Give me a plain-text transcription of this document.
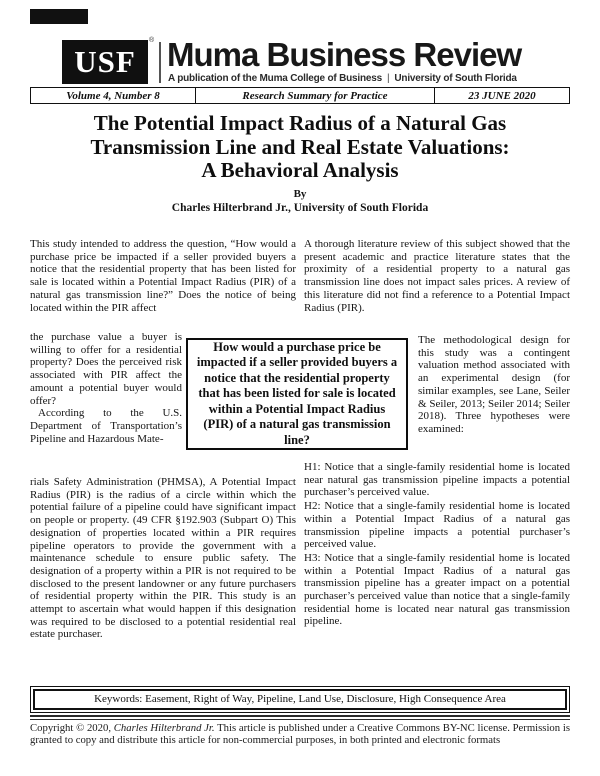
USF
® Muma Business Review
A publication of the Muma College of Business | University of South Florida
Volume 4, Number 8	Research Summary for Practice	23 JUNE 2020
The Potential Impact Radius of a Natural Gas
Transmission Line and Real Estate Valuations:
A Behavioral Analysis
By
Charles Hilterbrand Jr., University of South Florida

This study intended to address the question, “How would a purchase price be impacted if a seller provided buyers a notice that the residential property that has been listed for sale is located within a Potential Impact Radius (PIR) of a natural gas transmission line?” Does the notice of being located within the PIR affect

the purchase value a buyer is willing to offer for a residential property? Does the perceived risk associated with PIR affect the amount a potential buyer would offer?

According to the U.S. Department of Transportation’s Pipeline and Hazardous Mate-

rials Safety Administration (PHMSA), A Potential Impact Radius (PIR) is the radius of a circle within which the potential failure of a pipeline could have significant impact on people or property. (49 CFR §192.903 (Subpart O) This designation of properties located within a PIR requires pipeline operators to provide the government with a maintenance schedule to ensure public safety. The designation of a property within a PIR is not required to be disclosed to the present landowner or any future purchasers of residential property within the PIR. This study is an attempt to ascertain what would happen if this designation was required to be disclosed to a potential residential real estate purchaser.

How would a purchase price be impacted if a seller provided buyers a notice that the residential property that has been listed for sale is located within a Potential Impact Radius (PIR) of a natural gas transmission line?

A thorough literature review of this subject showed that the present academic and practice literature states that the proximity of a residential property to a natural gas transmission line does not impact sales prices. A review of this literature did not find a reference to a Potential Impact Radius (PIR).

The methodological design for this study was a contingent valuation method associated with an experimental design (for similar examples, see Lane, Seiler & Seiler, 2013; Seiler 2014; Seiler 2018). Three hypotheses were examined:

H1: Notice that a single-family residential home is located near natural gas transmission pipeline impacts a potential purchaser’s perceived value.

H2: Notice that a single-family residential home is located within a Potential Impact Radius of a natural gas transmission pipeline impacts a potential purchaser’s perceived value.

H3: Notice that a single-family residential home is located within a Potential Impact Radius of a natural gas transmission pipeline has a greater impact on a potential purchaser’s perceived value than notice that a single-family residential home is located near natural gas transmission pipeline.

Keywords: Easement, Right of Way, Pipeline, Land Use, Disclosure, High Consequence Area
Copyright © 2020, Charles Hilterbrand Jr. This article is published under a Creative Commons BY-NC license. Permission is granted to copy and distribute this article for non-commercial purposes, in both printed and electronic formats
